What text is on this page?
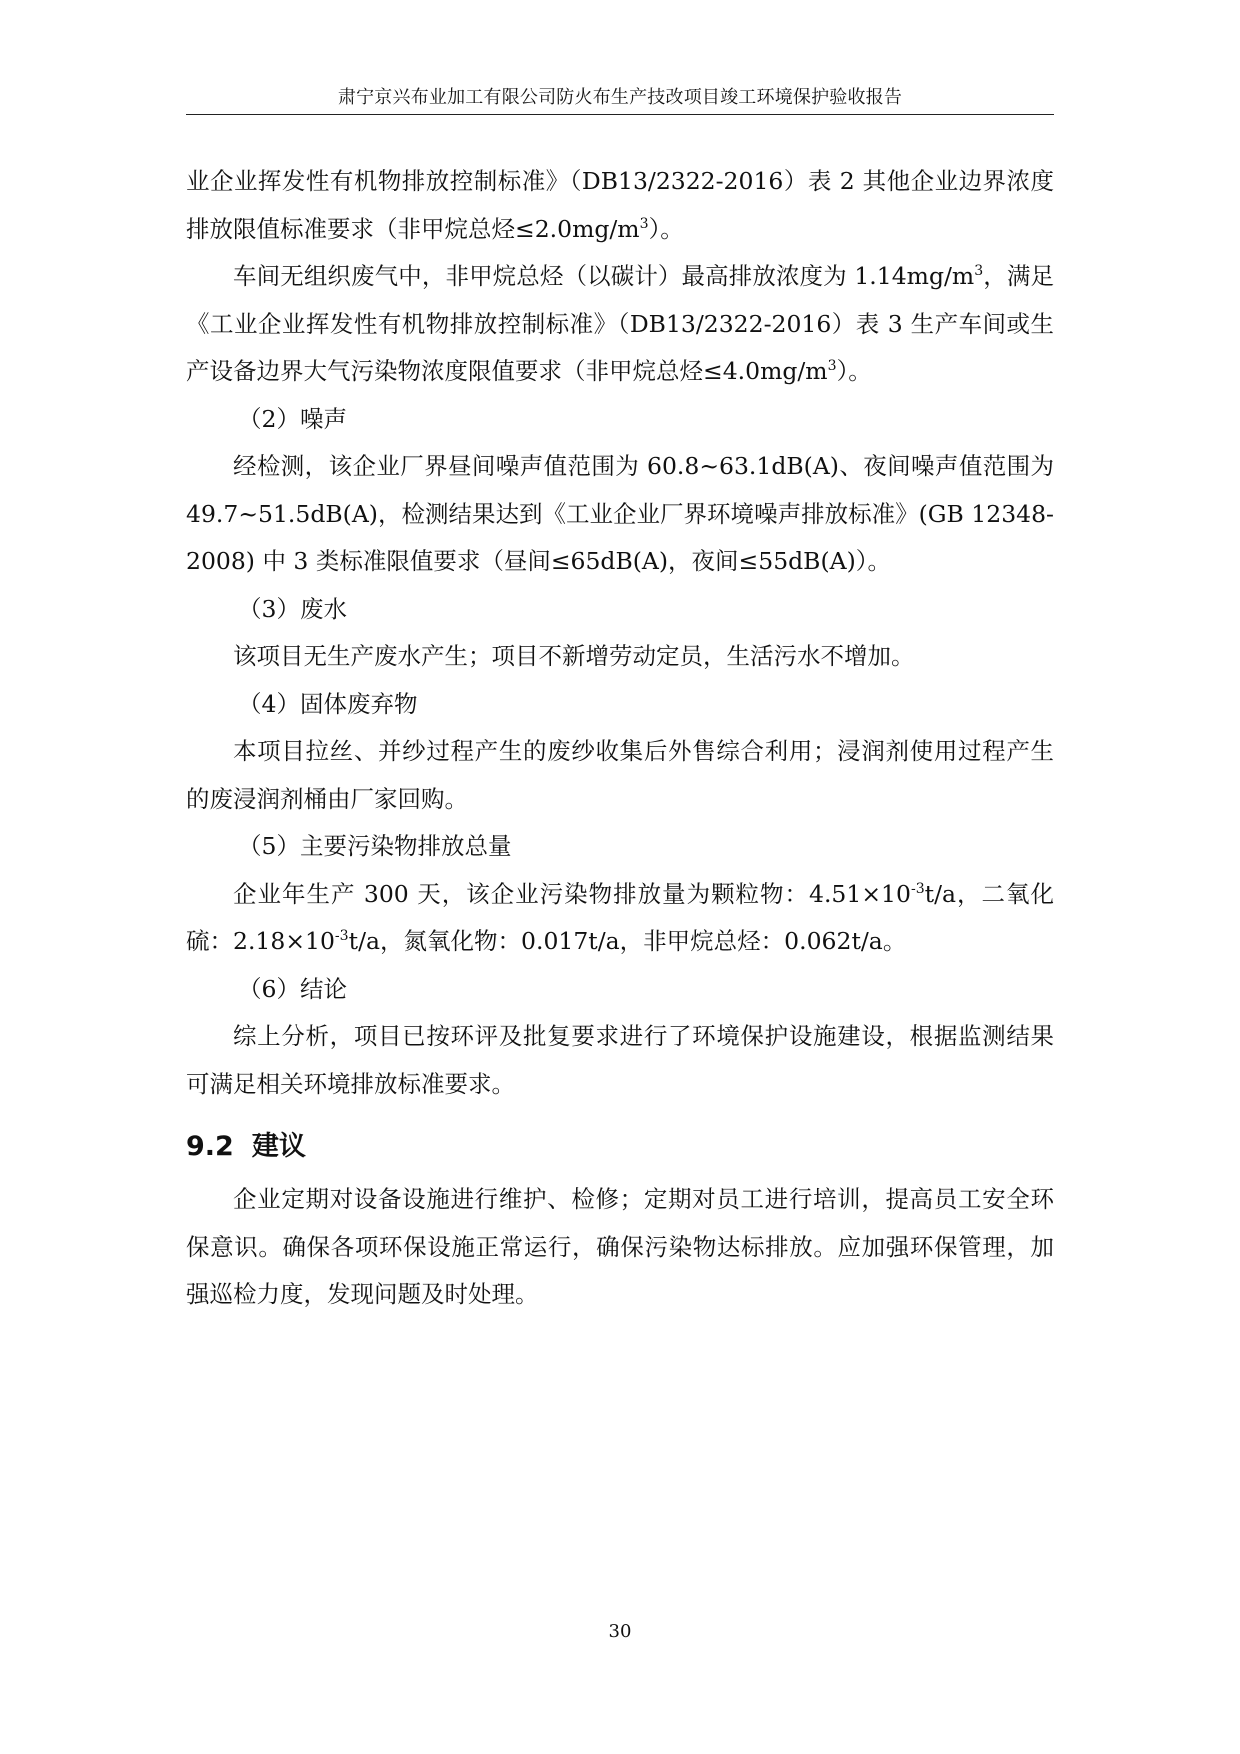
肃宁京兴布业加工有限公司防火布生产技改项目竣工环境保护验收报告

业企业挥发性有机物排放控制标准》（DB13/2322-2016）表 2 其他企业边界浓度排放限值标准要求（非甲烷总烃$\le 2.0mg/m^3$）。

车间无组织废气中，非甲烷总烃（以碳计）最高排放浓度为 $1.14mg/m^3$，满足《工业企业挥发性有机物排放控制标准》（DB13/2322-2016）表 3 生产车间或生产设备边界大气污染物浓度限值要求（非甲烷总烃$\le 4.0mg/m^3$）。

（2）噪声

经检测，该企业厂界昼间噪声值范围为 60.8~63.1dB(A)、夜间噪声值范围为 49.7~51.5dB(A)，检测结果达到《工业企业厂界环境噪声排放标准》(GB 12348-2008) 中 3 类标准限值要求（昼间≤65dB(A)，夜间≤55dB(A)）。

（3）废水

该项目无生产废水产生；项目不新增劳动定员，生活污水不增加。

（4）固体废弃物

本项目拉丝、并纱过程产生的废纱收集后外售综合利用；浸润剂使用过程产生的废浸润剂桶由厂家回购。

（5）主要污染物排放总量

企业年生产 300 天，该企业污染物排放量为颗粒物：$4.51\times 10^{-3}t/a$，二氧化硫：$2.18\times 10^{-3}t/a$，氮氧化物：0.017t/a，非甲烷总烃：0.062t/a。

（6）结论

综上分析，项目已按环评及批复要求进行了环境保护设施建设，根据监测结果可满足相关环境排放标准要求。

9.2 建议

企业定期对设备设施进行维护、检修；定期对员工进行培训，提高员工安全环保意识。确保各项环保设施正常运行，确保污染物达标排放。应加强环保管理，加强巡检力度，发现问题及时处理。

30
